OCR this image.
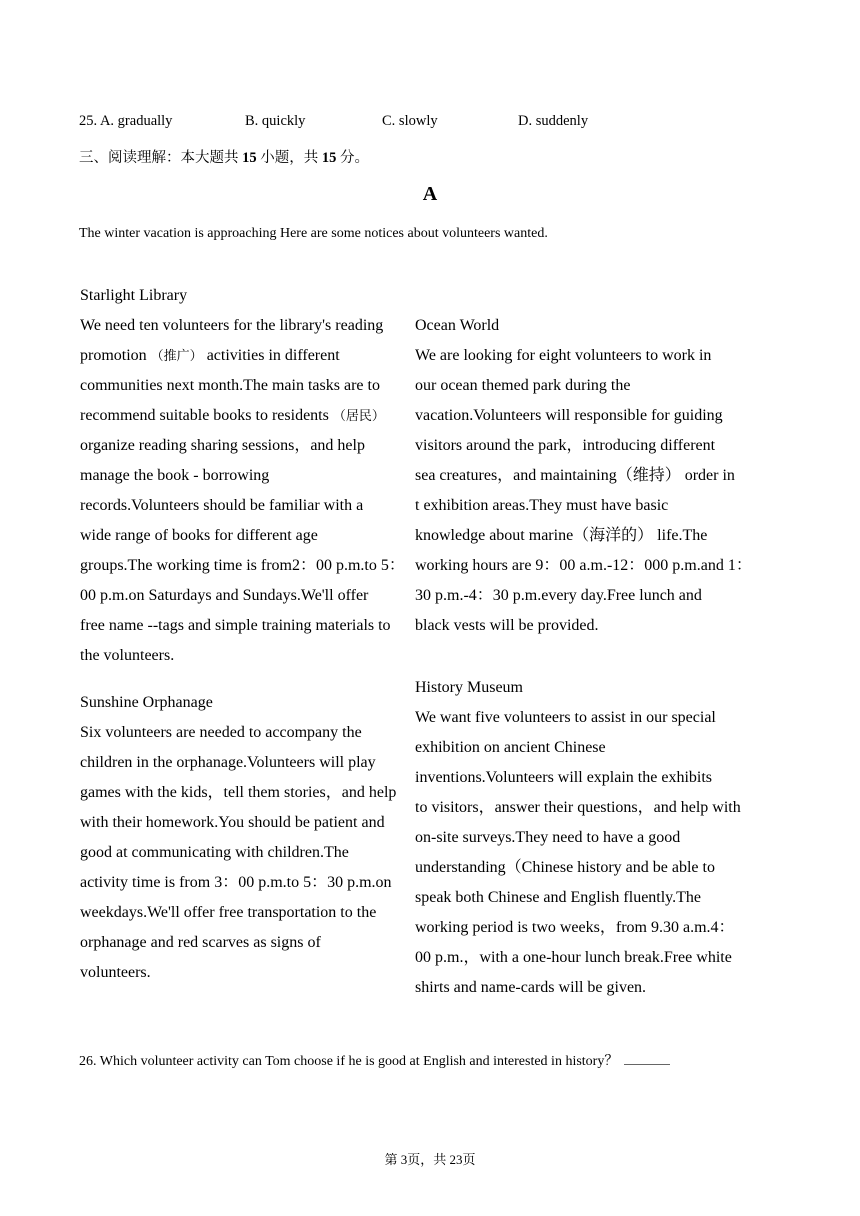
25. A. gradually	B. quickly	C. slowly	D. suddenly
三、阅读理解：本大题共 15 小题，共 15 分。
A
The winter vacation is approaching Here are some notices about volunteers wanted.
Starlight Library
We need ten volunteers for the library's reading
promotion （推广） activities in different
communities next month.The main tasks are to
recommend suitable books to residents （居民）
organize reading sharing sessions，and help
manage the book - borrowing
records.Volunteers should be familiar with a
wide range of books for different age
groups.The working time is from2：00 p.m.to 5：
00 p.m.on Saturdays and Sundays.We'll offer
free name --tags and simple training materials to
the volunteers.
Ocean World
We are looking for eight volunteers to work in
our ocean themed park during the
vacation.Volunteers will responsible for guiding
visitors around the park，introducing different
sea creatures，and maintaining（维持） order in
t exhibition areas.They must have basic
knowledge about marine（海洋的） life.The
working hours are 9：00 a.m.-12：000 p.m.and 1：
30 p.m.-4：30 p.m.every day.Free lunch and
black vests will be provided.
Sunshine Orphanage
Six volunteers are needed to accompany the
children in the orphanage.Volunteers will play
games with the kids，tell them stories，and help
with their homework.You should be patient and
good at communicating with children.The
activity time is from 3：00 p.m.to 5：30 p.m.on
weekdays.We'll offer free transportation to the
orphanage and red scarves as signs of
volunteers.
History Museum
We want five volunteers to assist in our special
exhibition on ancient Chinese
inventions.Volunteers will explain the exhibits
to visitors，answer their questions，and help with
on-site surveys.They need to have a good
understanding（Chinese history and be able to
speak both Chinese and English fluently.The
working period is two weeks，from 9.30 a.m.4：
00 p.m.，with a one-hour lunch break.Free white
shirts and name-cards will be given.
26. Which volunteer activity can Tom choose if he is good at English and interested in history？
第 3页，共 23页
